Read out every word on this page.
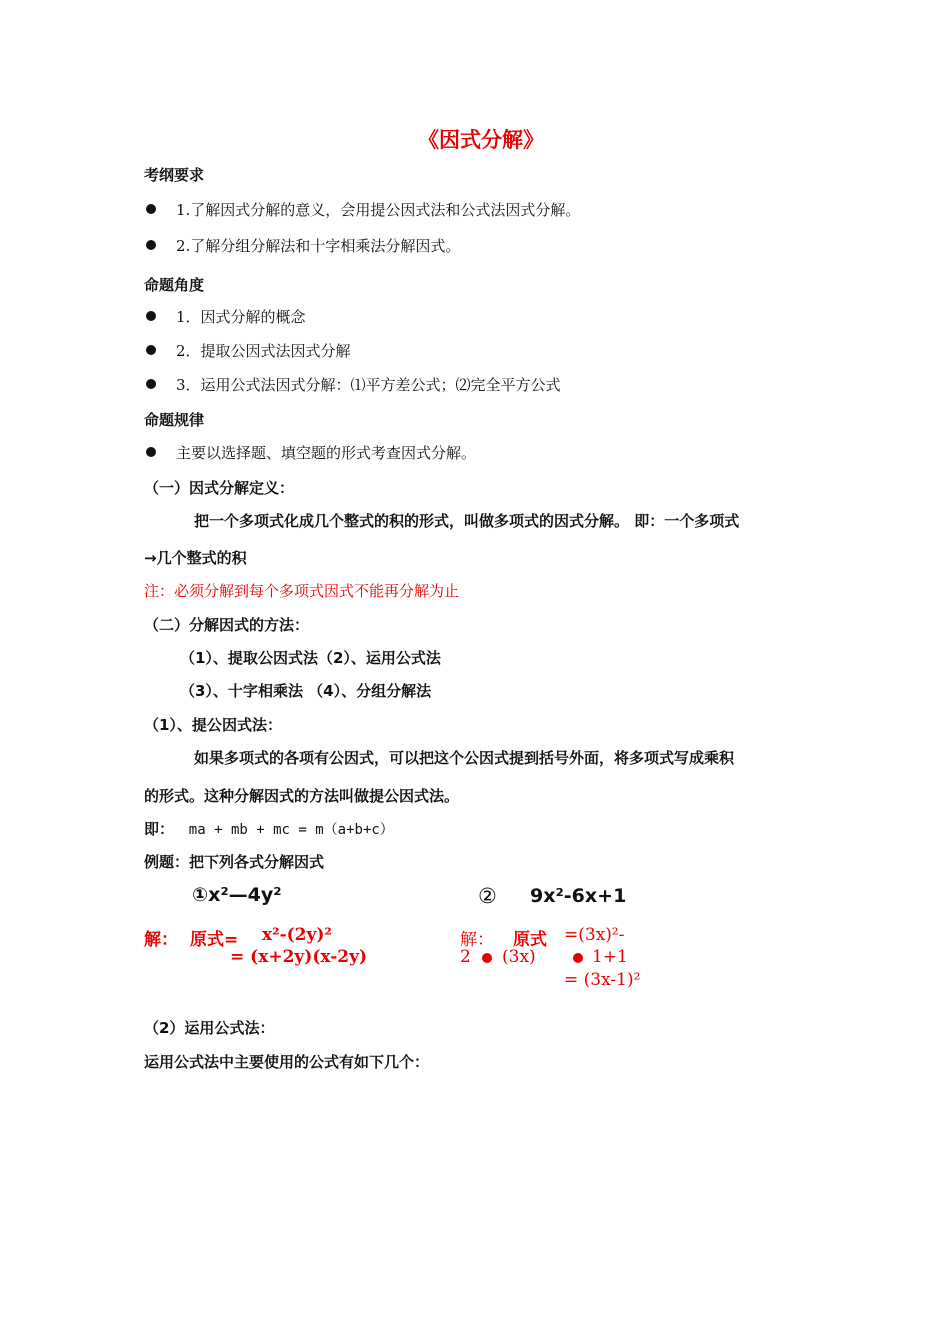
《因式分解》
考纲要求
1.了解因式分解的意义，会用提公因式法和公式法因式分解。
2.了解分组分解法和十字相乘法分解因式。
命题角度
1．因式分解的概念
2．提取公因式法因式分解
3．运用公式法因式分解：⑴平方差公式；⑵完全平方公式
命题规律
主要以选择题、填空题的形式考查因式分解。
（一）因式分解定义：
把一个多项式化成几个整式的积的形式，叫做多项式的因式分解。 即：一个多项式
→几个整式的积
注：必须分解到每个多项式因式不能再分解为止
（二）分解因式的方法：
（1）、提取公因式法（2）、运用公式法
（3）、十字相乘法 （4）、分组分解法
（1）、提公因式法：
如果多项式的各项有公因式，可以把这个公因式提到括号外面，将多项式写成乘积
的形式。这种分解因式的方法叫做提公因式法。
即： ma + mb + mc = m（a+b+c）
例题：把下列各式分解因式
①x²—4y²	② 9x²-6x+1
解： 原式= x²-(2y)²
= (x+2y)(x-2y)
解： 原式 =(3x)²-
2 (3x)	1+1
= (3x-1)²
（2）运用公式法：
运用公式法中主要使用的公式有如下几个：
